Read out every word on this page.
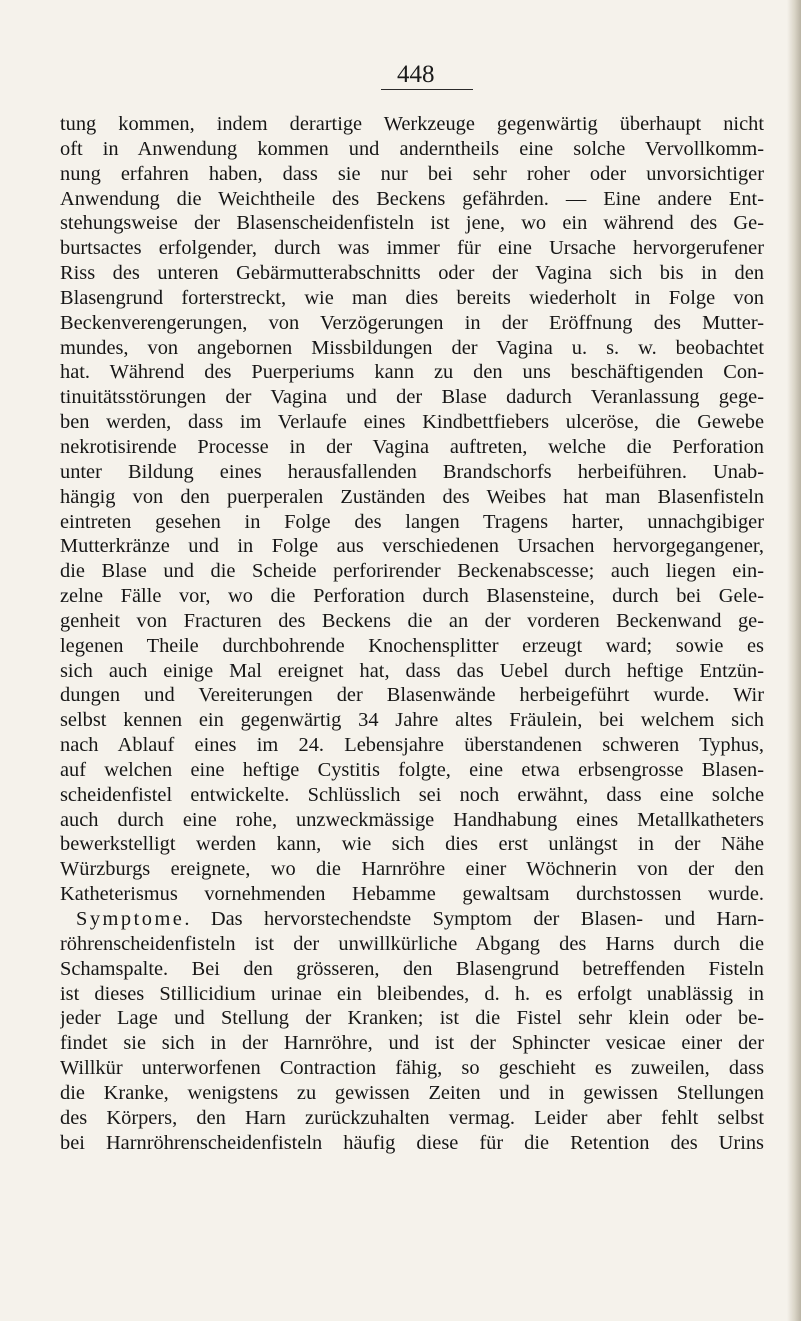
448
tung kommen, indem derartige Werkzeuge gegenwärtig überhaupt nicht
oft in Anwendung kommen und anderntheils eine solche Vervollkomm-
nung erfahren haben, dass sie nur bei sehr roher oder unvorsichtiger
Anwendung die Weichtheile des Beckens gefährden. — Eine andere Ent-
stehungsweise der Blasenscheidenfisteln ist jene, wo ein während des Ge-
burtsactes erfolgender, durch was immer für eine Ursache hervorgerufener
Riss des unteren Gebärmutterabschnitts oder der Vagina sich bis in den
Blasengrund forterstreckt, wie man dies bereits wiederholt in Folge von
Beckenverengerungen, von Verzögerungen in der Eröffnung des Mutter-
mundes, von angebornen Missbildungen der Vagina u. s. w. beobachtet
hat. Während des Puerperiums kann zu den uns beschäftigenden Con-
tinuitätsstörungen der Vagina und der Blase dadurch Veranlassung gege-
ben werden, dass im Verlaufe eines Kindbettfiebers ulceröse, die Gewebe
nekrotisirende Processe in der Vagina auftreten, welche die Perforation
unter Bildung eines herausfallenden Brandschorfs herbeiführen. Unab-
hängig von den puerperalen Zuständen des Weibes hat man Blasenfisteln
eintreten gesehen in Folge des langen Tragens harter, unnachgibiger
Mutterkränze und in Folge aus verschiedenen Ursachen hervorgegangener,
die Blase und die Scheide perforirender Beckenabscesse; auch liegen ein-
zelne Fälle vor, wo die Perforation durch Blasensteine, durch bei Gele-
genheit von Fracturen des Beckens die an der vorderen Beckenwand ge-
legenen Theile durchbohrende Knochensplitter erzeugt ward; sowie es
sich auch einige Mal ereignet hat, dass das Uebel durch heftige Entzün-
dungen und Vereiterungen der Blasenwände herbeigeführt wurde. Wir
selbst kennen ein gegenwärtig 34 Jahre altes Fräulein, bei welchem sich
nach Ablauf eines im 24. Lebensjahre überstandenen schweren Typhus,
auf welchen eine heftige Cystitis folgte, eine etwa erbsengrosse Blasen-
scheidenfistel entwickelte. Schlüsslich sei noch erwähnt, dass eine solche
auch durch eine rohe, unzweckmässige Handhabung eines Metallkatheters
bewerkstelligt werden kann, wie sich dies erst unlängst in der Nähe
Würzburgs ereignete, wo die Harnröhre einer Wöchnerin von der den
Katheterismus vornehmenden Hebamme gewaltsam durchstossen wurde.
Symptome. Das hervorstechendste Symptom der Blasen- und Harn-
röhrenscheidenfisteln ist der unwillkürliche Abgang des Harns durch die
Schamspalte. Bei den grösseren, den Blasengrund betreffenden Fisteln
ist dieses Stillicidium urinae ein bleibendes, d. h. es erfolgt unablässig in
jeder Lage und Stellung der Kranken; ist die Fistel sehr klein oder be-
findet sie sich in der Harnröhre, und ist der Sphincter vesicae einer der
Willkür unterworfenen Contraction fähig, so geschieht es zuweilen, dass
die Kranke, wenigstens zu gewissen Zeiten und in gewissen Stellungen
des Körpers, den Harn zurückzuhalten vermag. Leider aber fehlt selbst
bei Harnröhrenscheidenfisteln häufig diese für die Retention des Urins
